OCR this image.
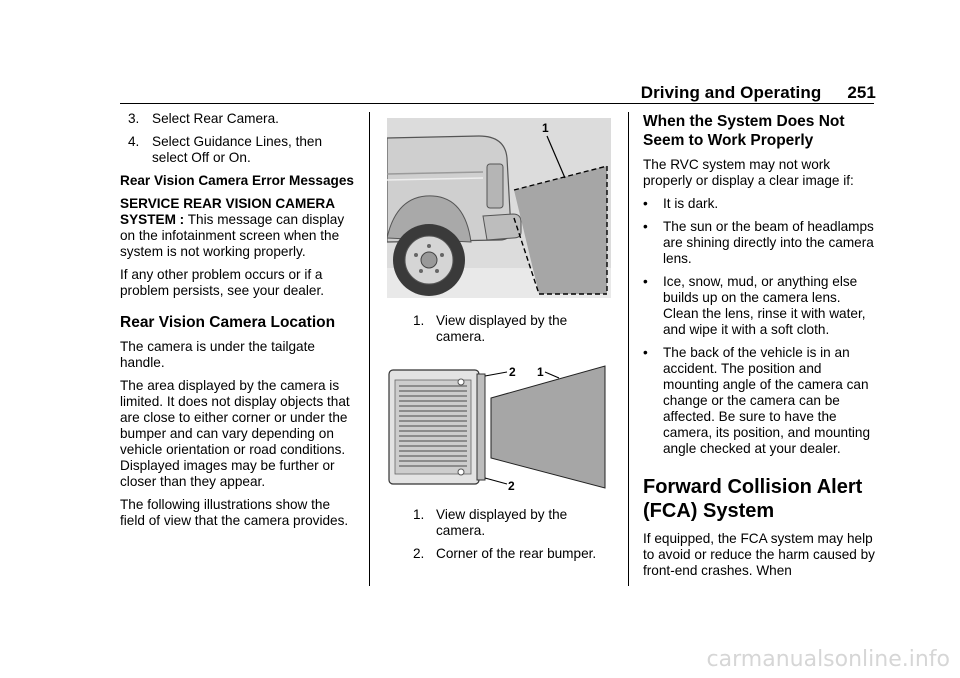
Driving and Operating 251
3. Select Rear Camera.
4. Select Guidance Lines, then select Off or On.

Rear Vision Camera Error Messages

SERVICE REAR VISION CAMERA SYSTEM : This message can display on the infotainment screen when the system is not working properly.

If any other problem occurs or if a problem persists, see your dealer.

Rear Vision Camera Location

The camera is under the tailgate handle.

The area displayed by the camera is limited. It does not display objects that are close to either corner or under the bumper and can vary depending on vehicle orientation or road conditions. Displayed images may be further or closer than they appear.

The following illustrations show the field of view that the camera provides.

1
1. View displayed by the camera.
2 1
2
1. View displayed by the camera.
2. Corner of the rear bumper.
When the System Does Not Seem to Work Properly

The RVC system may not work properly or display a clear image if:

• It is dark.
• The sun or the beam of headlamps are shining directly into the camera lens.
• Ice, snow, mud, or anything else builds up on the camera lens. Clean the lens, rinse it with water, and wipe it with a soft cloth.
• The back of the vehicle is in an accident. The position and mounting angle of the camera can change or the camera can be affected. Be sure to have the camera, its position, and mounting angle checked at your dealer.
Forward Collision Alert (FCA) System

If equipped, the FCA system may help to avoid or reduce the harm caused by front-end crashes. When

carmanualsonline.info
